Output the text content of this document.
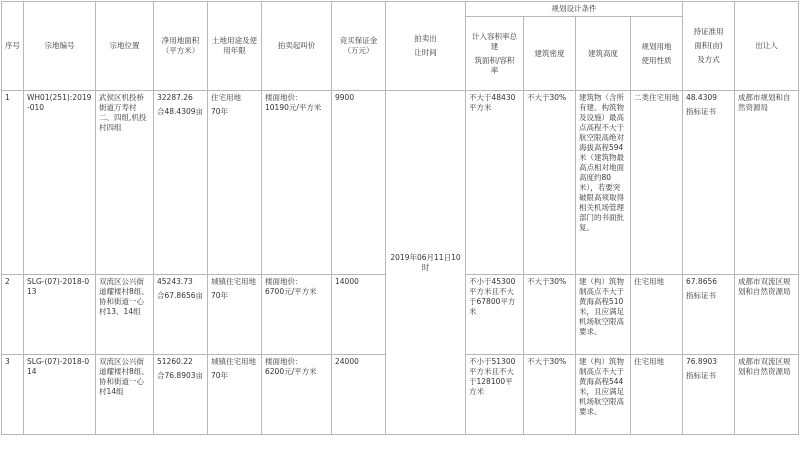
序号	宗地编号	宗地位置	净用地面积
（平方米）	土地用途及使
用年限	拍卖起叫价	竞买保证金
（万元）	拍卖出
让时间	规划设计条件				持证准用
面积(亩)
及方式	出让人

								计入容积率总
建
筑面积/容积
率	建筑密度	建筑高度	规划用地
使用性质		

1	WH01(251):2019-010	武侯区机投桥街道万寿村二、四组,机投村四组	32287.26
合48.4309亩	住宅用地
70年	楼面地价：
10190元/平方米	9900	2019年06月11日10时	不大于48430平方米	不大于30%	建筑物（含所有建、构筑物及设施）最高点高程不大于航空限高绝对海拔高程594米（建筑物最高点相对地面高度约80米），若要突破限高须取得相关机场管理部门的书面批复。	二类住宅用地	48.4309
指标证书	成都市规划和自然资源局
2	SLG-(07)-2018-013	双流区公兴街道耀楼村8组、协和街道一心村13、14组	45243.73
合67.8656亩	城镇住宅用地
70年	楼面地价：
6700元/平方米	14000		不小于45300平方米且不大于67800平方米	不大于30%	建（构）筑物制高点不大于黄海高程510米，且应满足机场航空限高要求。	住宅用地	67.8656
指标证书	成都市双流区规划和自然资源局
3	SLG-(07)-2018-014	双流区公兴街道耀楼村8组、协和街道一心村14组	51260.22
合76.8903亩	城镇住宅用地
70年	楼面地价：
6200元/平方米	24000		不小于51300平方米且不大于128100平方米	不大于30%	建（构）筑物制高点不大于黄海高程544米，且应满足机场航空限高要求。	住宅用地	76.8903
指标证书	成都市双流区规划和自然资源局
